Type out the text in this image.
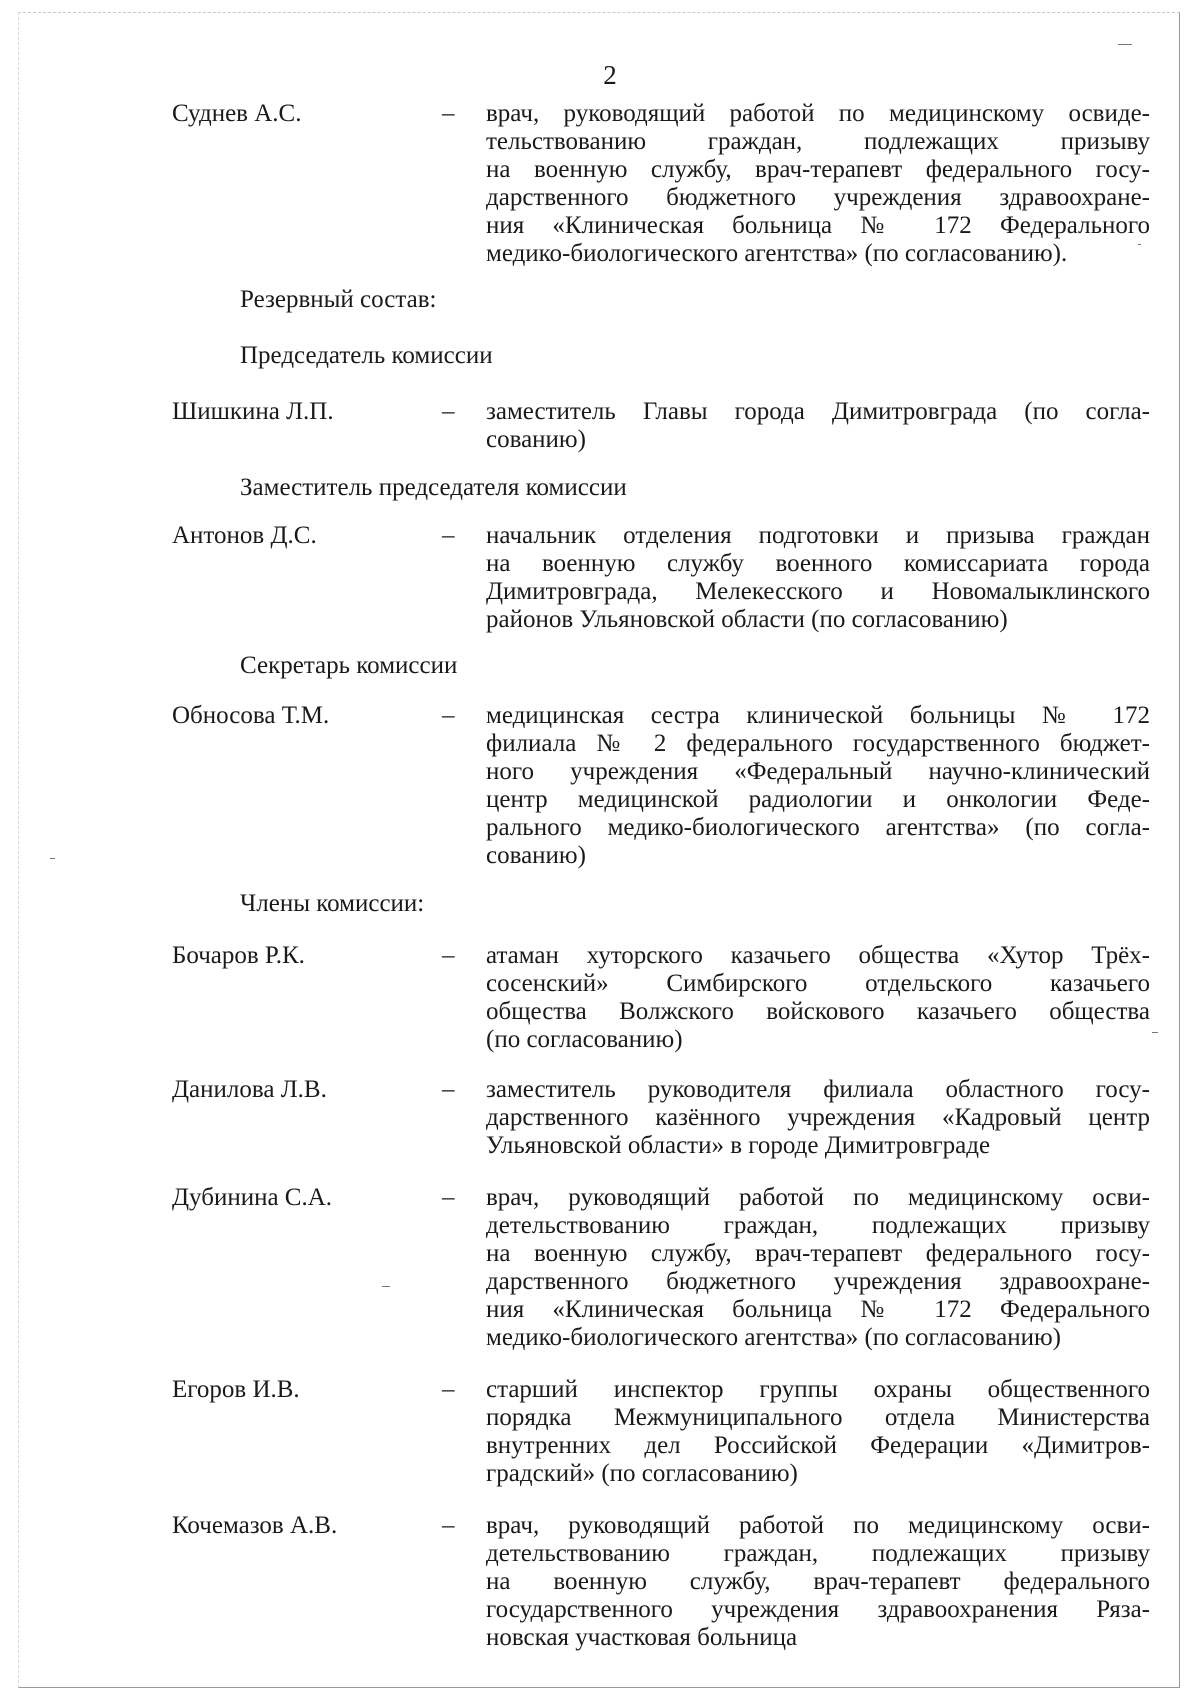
2
Суднев А.С.	–	врач, руководящий работой по медицинскому освиде-
тельствованию граждан, подлежащих призыву
на военную службу, врач-терапевт федерального госу-
дарственного бюджетного учреждения здравоохране-
ния «Клиническая больница № 172 Федерального
медико-биологического агентства» (по согласованию).
Резервный состав:
Председатель комиссии
Шишкина Л.П.	–	заместитель Главы города Димитровграда (по согла-
сованию)
Заместитель председателя комиссии
Антонов Д.С.	–	начальник отделения подготовки и призыва граждан
на военную службу военного комиссариата города
Димитровграда, Мелекесского и Новомалыклинского
районов Ульяновской области (по согласованию)
Секретарь комиссии
Обносова Т.М.	–	медицинская сестра клинической больницы № 172
филиала № 2 федерального государственного бюджет-
ного учреждения «Федеральный научно-клинический
центр медицинской радиологии и онкологии Феде-
рального медико-биологического агентства» (по согла-
сованию)
Члены комиссии:
Бочаров Р.К.	–	атаман хуторского казачьего общества «Хутор Трёх-
сосенский» Симбирского отдельского казачьего
общества Волжского войскового казачьего общества
(по согласованию)
Данилова Л.В.	–	заместитель руководителя филиала областного госу-
дарственного казённого учреждения «Кадровый центр
Ульяновской области» в городе Димитровграде
Дубинина С.А.	–	врач, руководящий работой по медицинскому осви-
детельствованию граждан, подлежащих призыву
на военную службу, врач-терапевт федерального госу-
дарственного бюджетного учреждения здравоохране-
ния «Клиническая больница № 172 Федерального
медико-биологического агентства» (по согласованию)
Егоров И.В.	–	старший инспектор группы охраны общественного
порядка Межмуниципального отдела Министерства
внутренних дел Российской Федерации «Димитров-
градский» (по согласованию)
Кочемазов А.В.	–	врач, руководящий работой по медицинскому осви-
детельствованию граждан, подлежащих призыву
на военную службу, врач-терапевт федерального
государственного учреждения здравоохранения Ряза-
новская участковая больница
